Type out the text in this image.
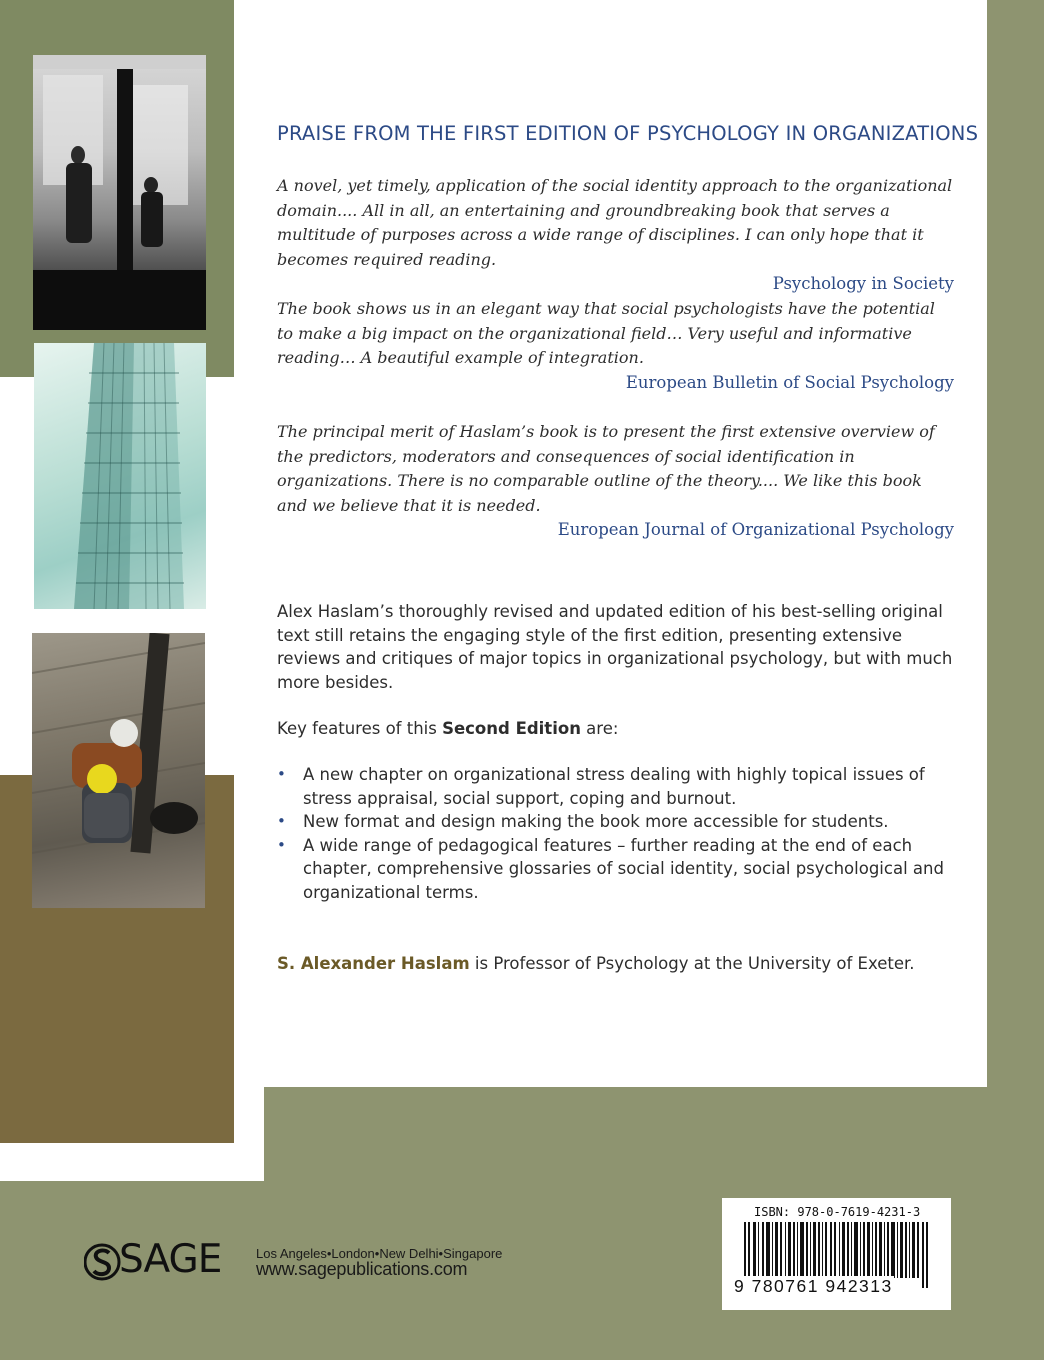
PRAISE FROM THE FIRST EDITION OF PSYCHOLOGY IN ORGANIZATIONS

A novel, yet timely, application of the social identity approach to the organizational domain.... All in all, an entertaining and groundbreaking book that serves a multitude of purposes across a wide range of disciplines. I can only hope that it becomes required reading.

Psychology in Society

The book shows us in an elegant way that social psychologists have the potential to make a big impact on the organizational field… Very useful and informative reading… A beautiful example of integration.

European Bulletin of Social Psychology

The principal merit of Haslam’s book is to present the first extensive overview of the predictors, moderators and consequences of social identification in organizations. There is no comparable outline of the theory.... We like this book and we believe that it is needed.

European Journal of Organizational Psychology
Alex Haslam’s thoroughly revised and updated edition of his best-selling original text still retains the engaging style of the first edition, presenting extensive reviews and critiques of major topics in organizational psychology, but with much more besides.
Key features of this Second Edition are:
• A new chapter on organizational stress dealing with highly topical issues of stress appraisal, social support, coping and burnout.
• New format and design making the book more accessible for students.
• A wide range of pedagogical features – further reading at the end of each chapter, comprehensive glossaries of social identity, social psychological and organizational terms.
S. Alexander Haslam is Professor of Psychology at the University of Exeter.
SAGE	Los Angeles•London•New Delhi•Singapore
www.sagepublications.com
ISBN: 978-0-7619-4231-3
9 780761 942313
